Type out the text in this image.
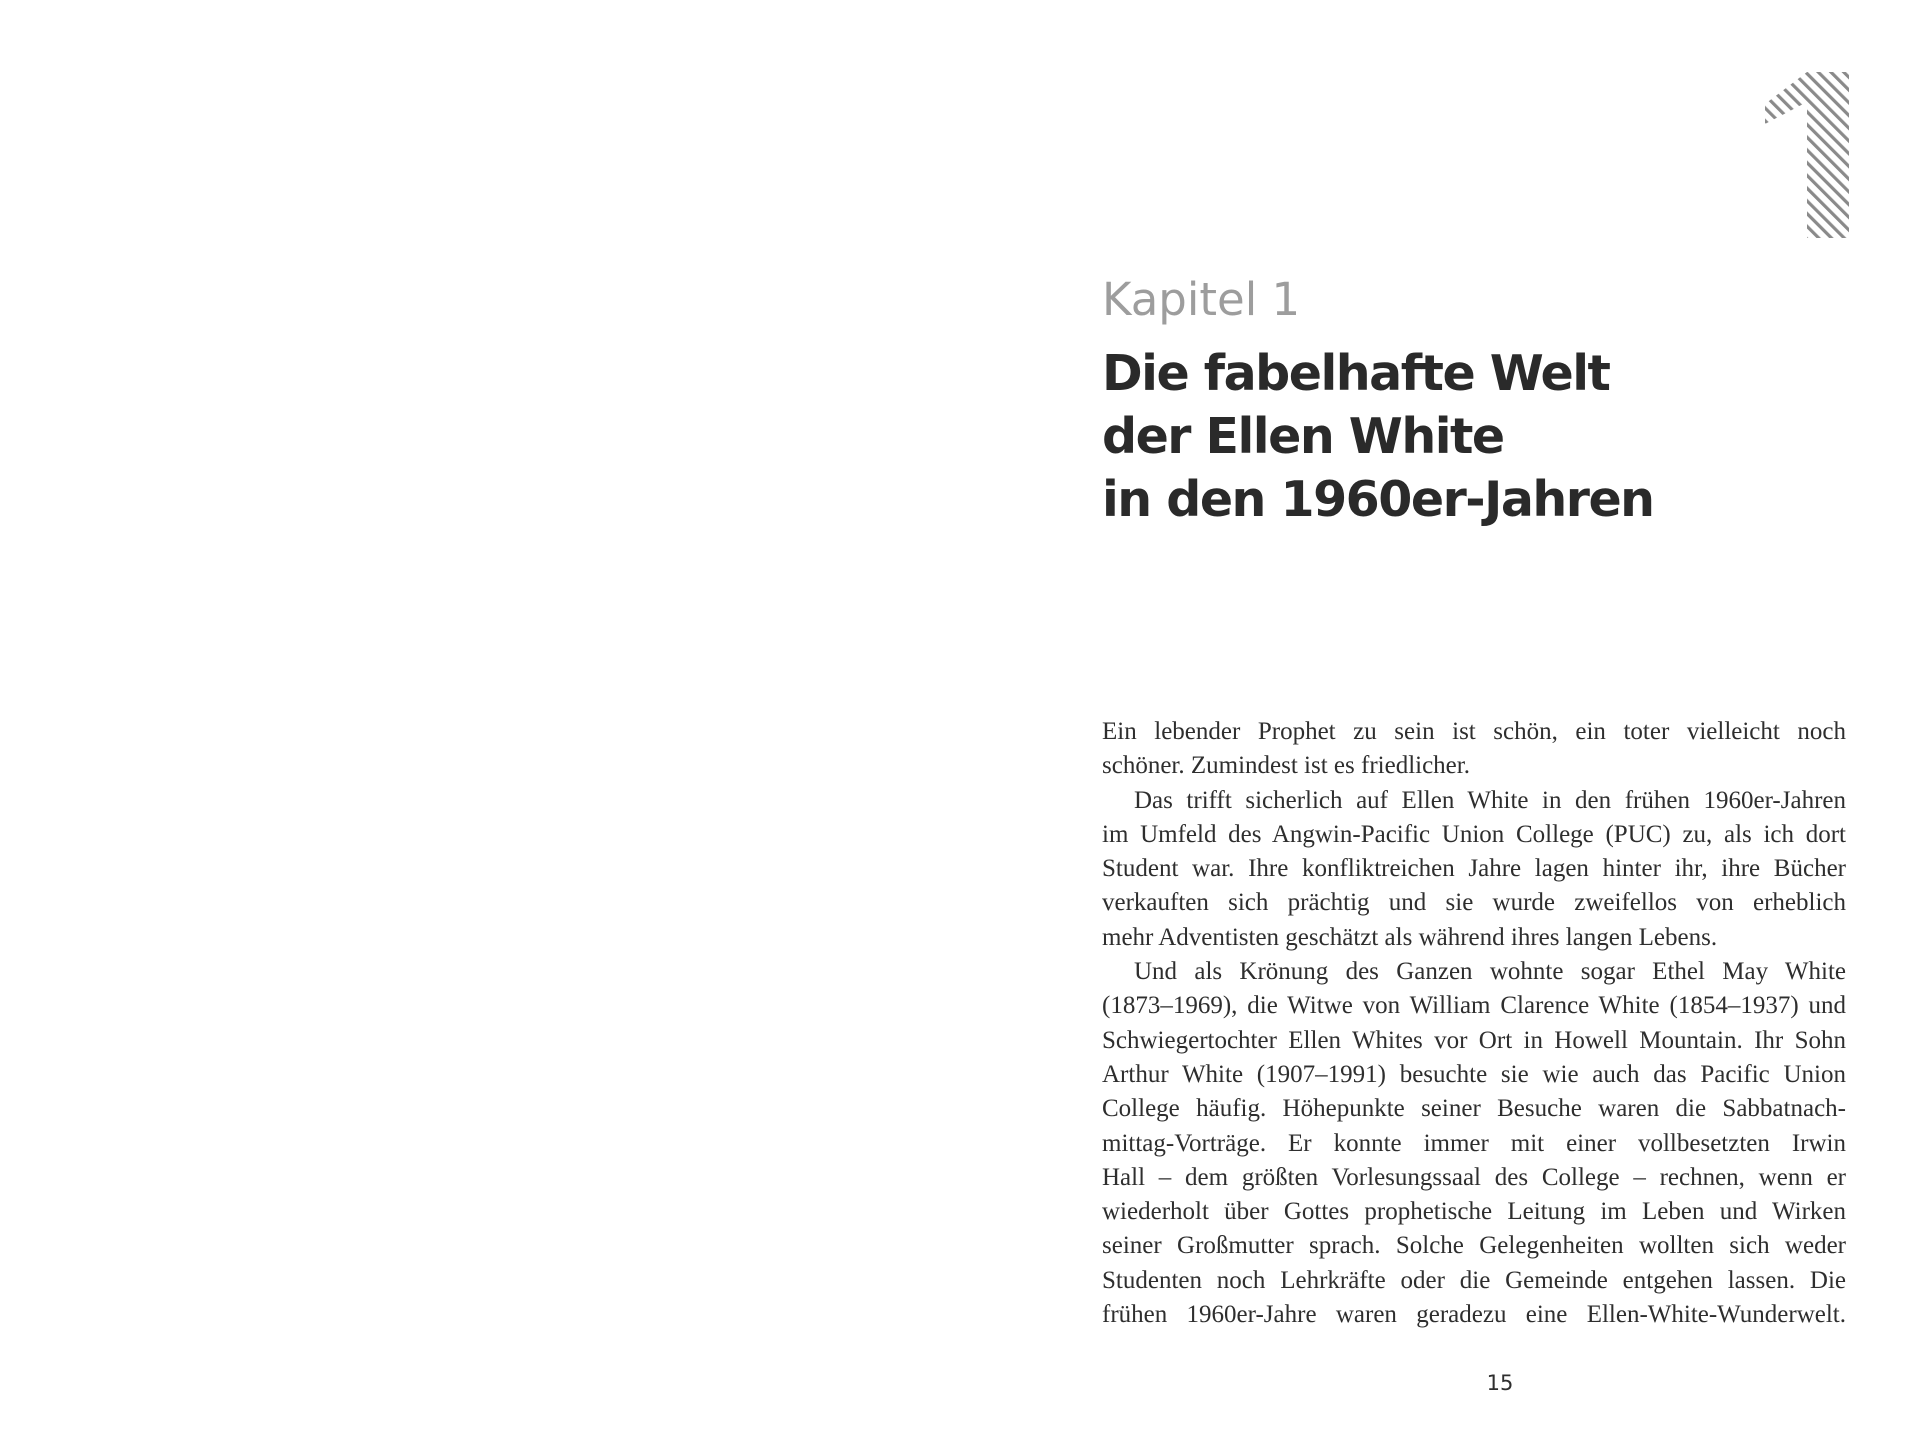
Kapitel 1
Die fabelhafte Welt
der Ellen White
in den 1960er-Jahren
Ein lebender Prophet zu sein ist schön, ein toter vielleicht noch
schöner. Zumindest ist es friedlicher.
Das trifft sicherlich auf Ellen White in den frühen 1960er-Jahren
im Umfeld des Angwin-Pacific Union College (PUC) zu, als ich dort
Student war. Ihre konfliktreichen Jahre lagen hinter ihr, ihre Bücher
verkauften sich prächtig und sie wurde zweifellos von erheblich
mehr Adventisten geschätzt als während ihres langen Lebens.
Und als Krönung des Ganzen wohnte sogar Ethel May White
(1873–1969), die Witwe von William Clarence White (1854–1937) und
Schwiegertochter Ellen Whites vor Ort in Howell Mountain. Ihr Sohn
Arthur White (1907–1991) besuchte sie wie auch das Pacific Union
College häufig. Höhepunkte seiner Besuche waren die Sabbatnach-
mittag-Vorträge. Er konnte immer mit einer vollbesetzten Irwin
Hall – dem größten Vorlesungssaal des College – rechnen, wenn er
wiederholt über Gottes prophetische Leitung im Leben und Wirken
seiner Großmutter sprach. Solche Gelegenheiten wollten sich weder
Studenten noch Lehrkräfte oder die Gemeinde entgehen lassen. Die
frühen 1960er-Jahre waren geradezu eine Ellen-White-Wunderwelt.
15
